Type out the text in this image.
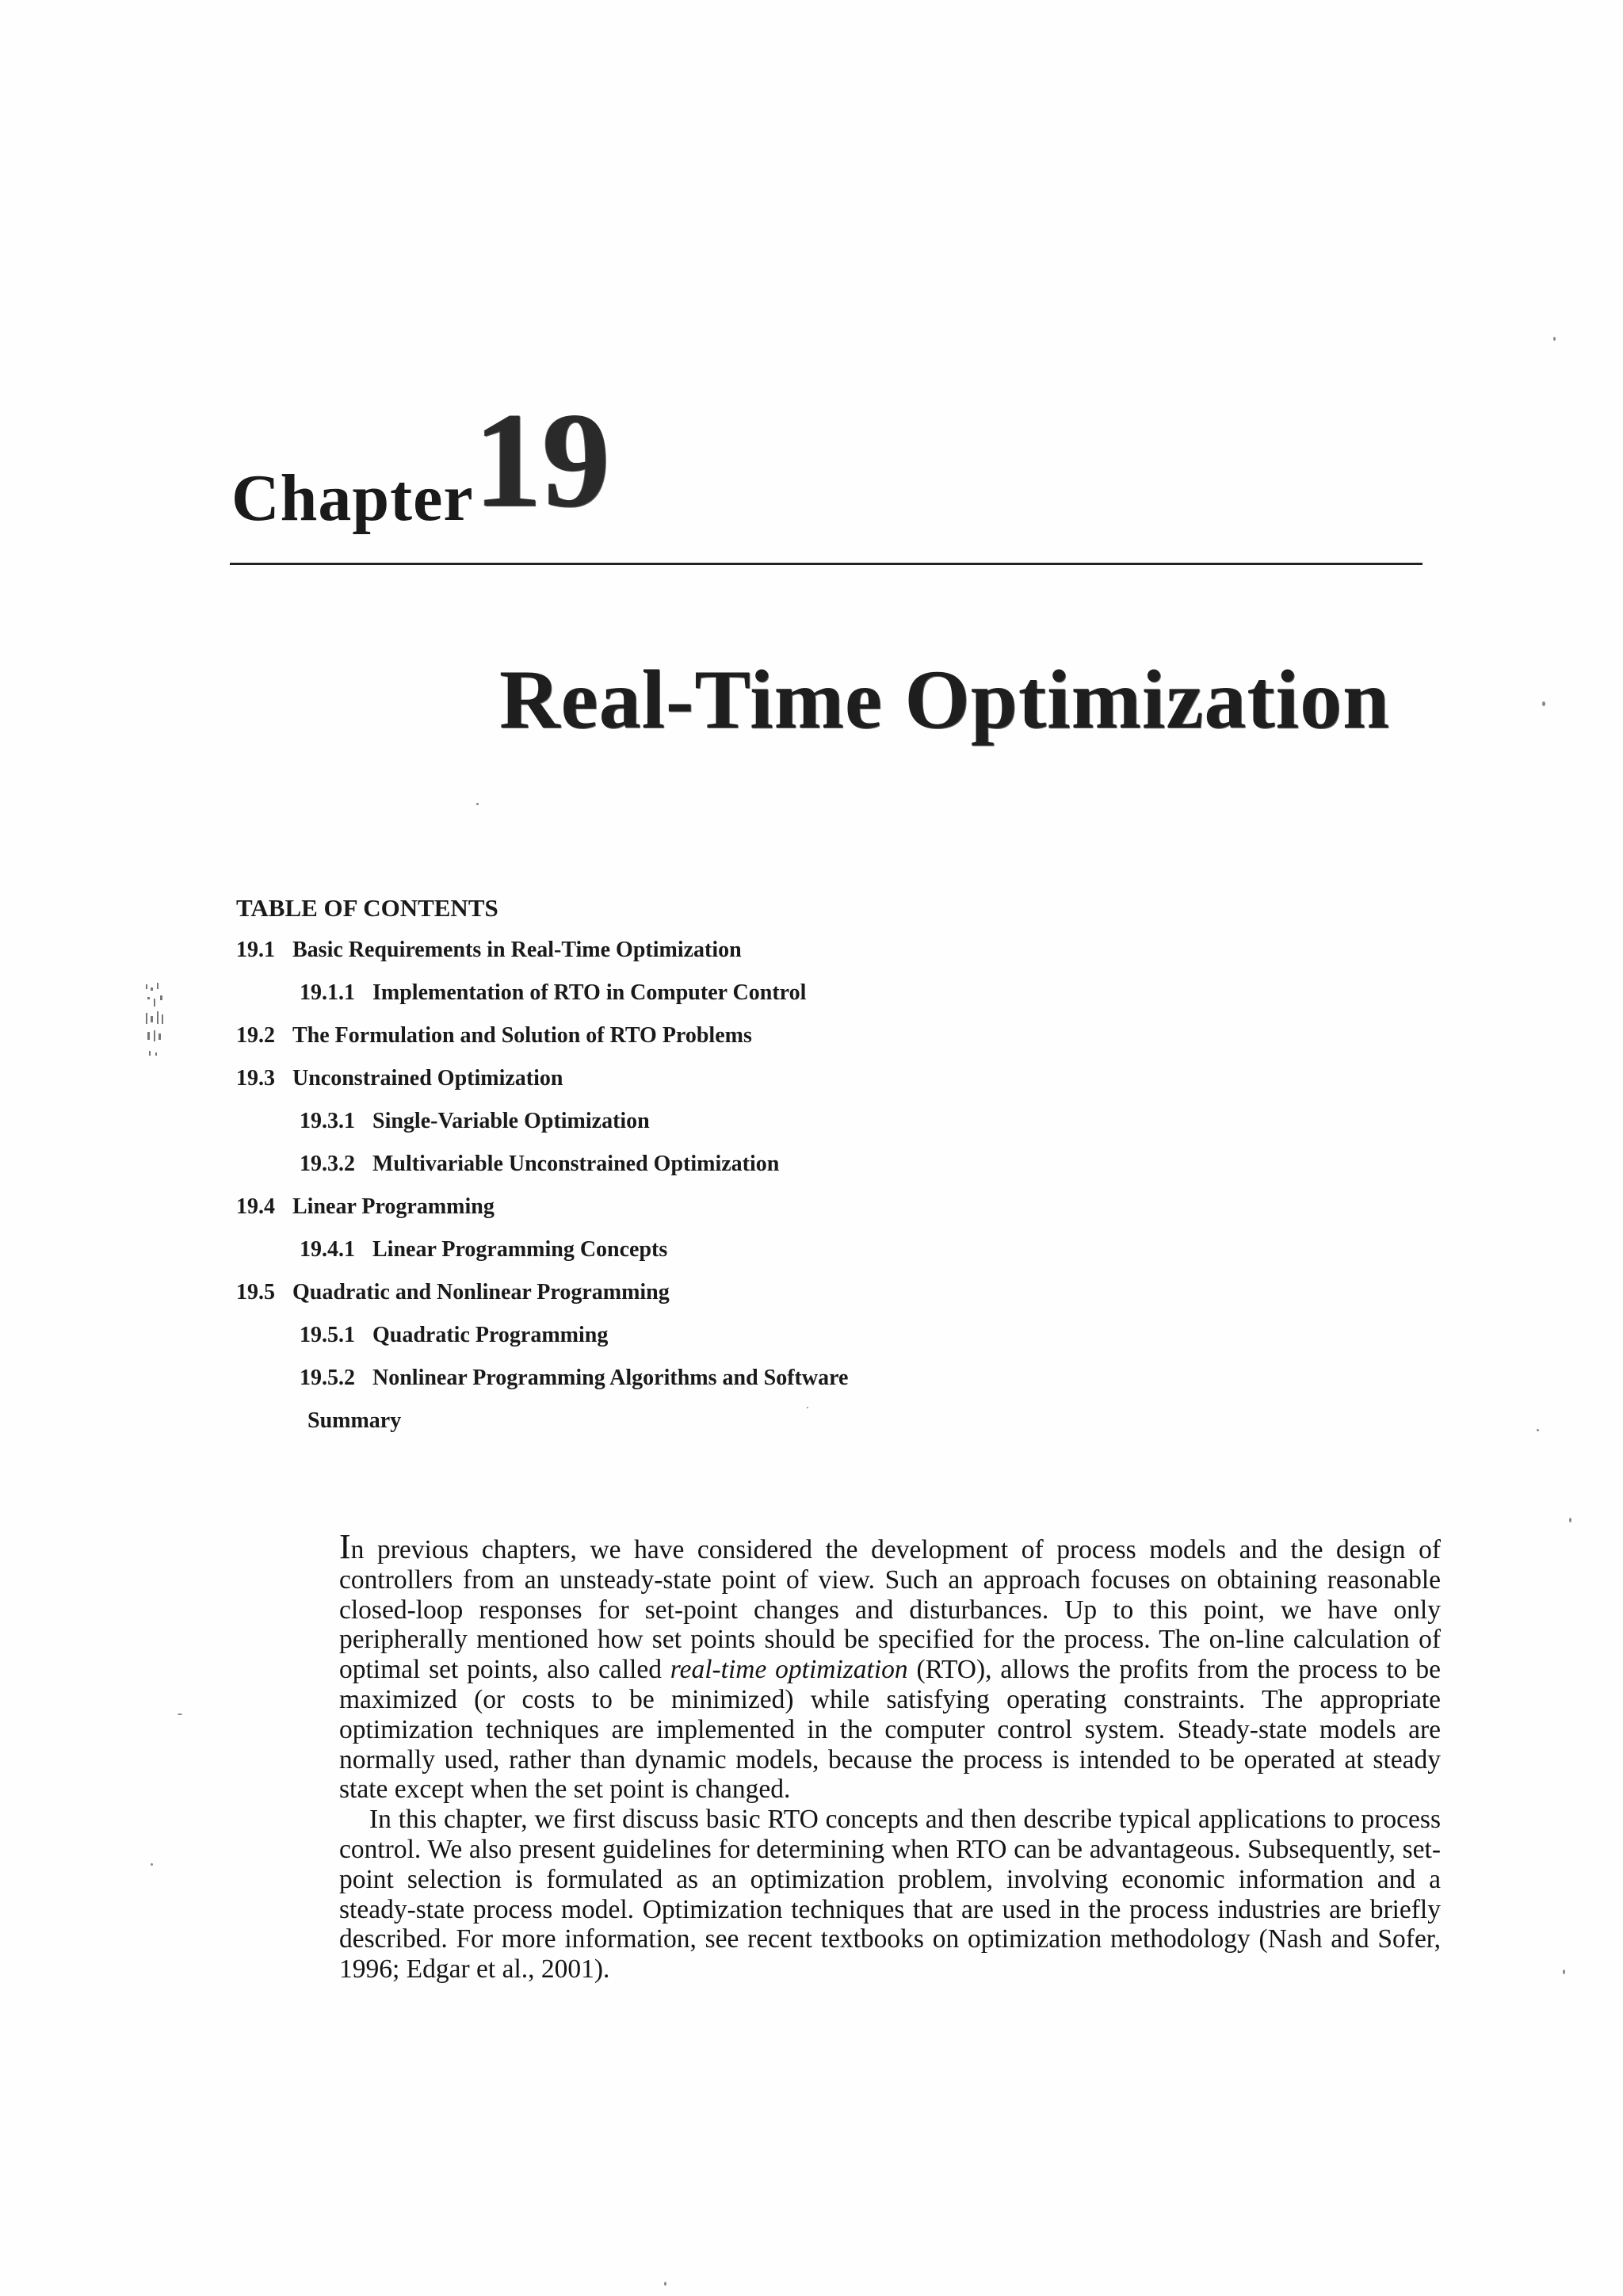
Chapter 19
Real-Time Optimization
TABLE OF CONTENTS
19.1 Basic Requirements in Real-Time Optimization
19.1.1 Implementation of RTO in Computer Control
19.2 The Formulation and Solution of RTO Problems
19.3 Unconstrained Optimization
19.3.1 Single-Variable Optimization
19.3.2 Multivariable Unconstrained Optimization
19.4 Linear Programming
19.4.1 Linear Programming Concepts
19.5 Quadratic and Nonlinear Programming
19.5.1 Quadratic Programming
19.5.2 Nonlinear Programming Algorithms and Software
Summary

In previous chapters, we have considered the development of process models and the design of controllers from an unsteady-state point of view. Such an approach focuses on obtaining reasonable closed-loop responses for set-point changes and disturbances. Up to this point, we have only peripherally mentioned how set points should be specified for the process. The on-line calculation of optimal set points, also called real-time optimization (RTO), allows the profits from the process to be maximized (or costs to be minimized) while satisfying operating constraints. The appropriate optimization techniques are implemented in the computer control system. Steady-state models are normally used, rather than dynamic models, because the process is intended to be operated at steady state except when the set point is changed.

In this chapter, we first discuss basic RTO concepts and then describe typical applications to process control. We also present guidelines for determining when RTO can be advantageous. Subsequently, set-point selection is formulated as an optimization problem, involving economic information and a steady-state process model. Optimization techniques that are used in the process industries are briefly described. For more information, see recent textbooks on optimization methodology (Nash and Sofer, 1996; Edgar et al., 2001).
